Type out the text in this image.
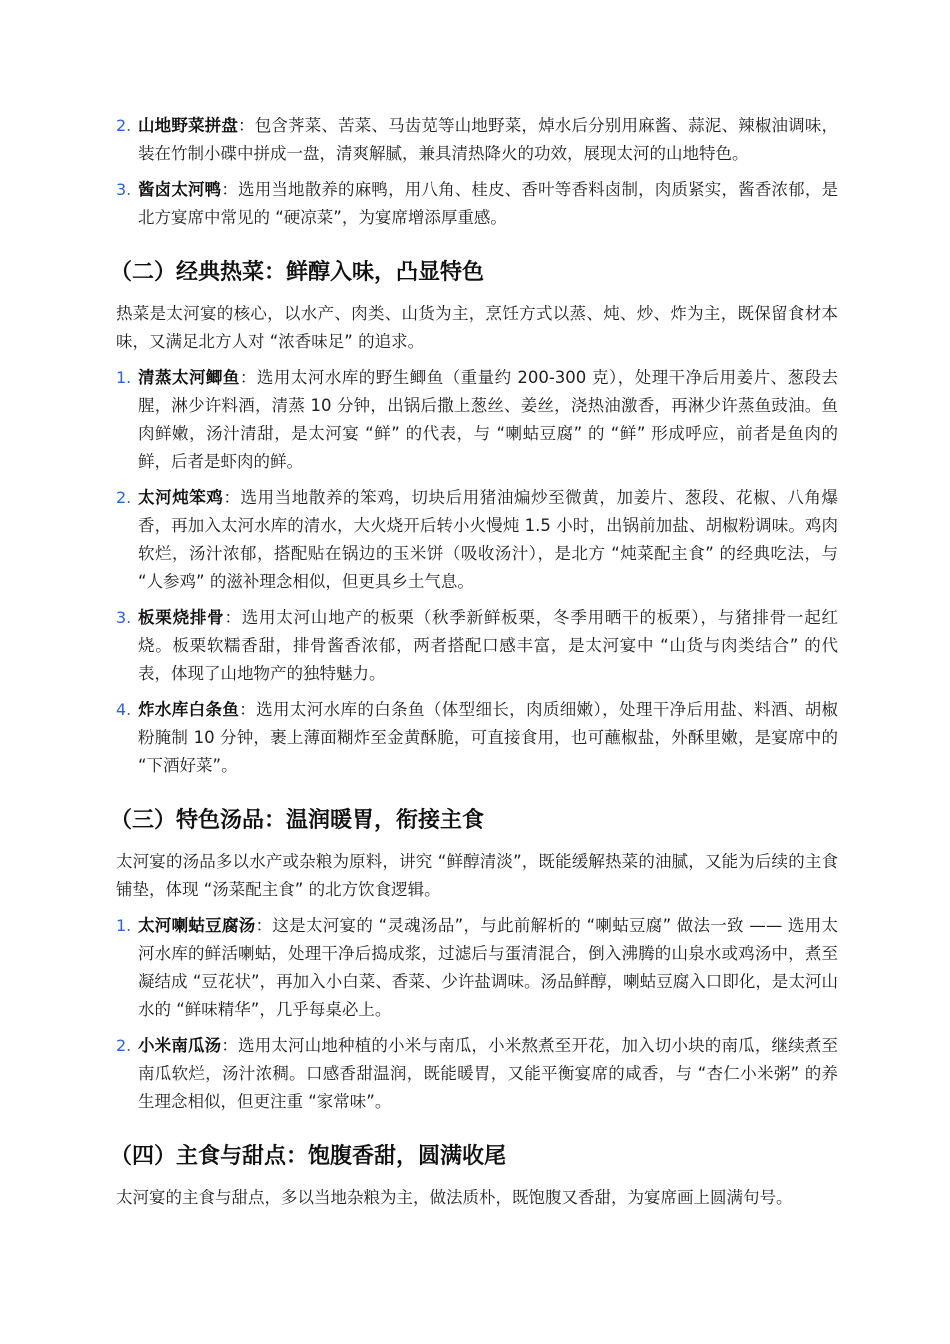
2. 山地野菜拼盘：包含荠菜、苦菜、马齿苋等山地野菜，焯水后分别用麻酱、蒜泥、辣椒油调味，装在竹制小碟中拼成一盘，清爽解腻，兼具清热降火的功效，展现太河的山地特色。
3. 酱卤太河鸭：选用当地散养的麻鸭，用八角、桂皮、香叶等香料卤制，肉质紧实，酱香浓郁，是北方宴席中常见的 “硬凉菜”，为宴席增添厚重感。
（二）经典热菜：鲜醇入味，凸显特色

热菜是太河宴的核心，以水产、肉类、山货为主，烹饪方式以蒸、炖、炒、炸为主，既保留食材本味，又满足北方人对 “浓香味足” 的追求。

1. 清蒸太河鲫鱼：选用太河水库的野生鲫鱼（重量约 200-300 克），处理干净后用姜片、葱段去腥，淋少许料酒，清蒸 10 分钟，出锅后撒上葱丝、姜丝，浇热油激香，再淋少许蒸鱼豉油。鱼肉鲜嫩，汤汁清甜，是太河宴 “鲜” 的代表，与 “喇蛄豆腐” 的 “鲜” 形成呼应，前者是鱼肉的鲜，后者是虾肉的鲜。
2. 太河炖笨鸡：选用当地散养的笨鸡，切块后用猪油煸炒至微黄，加姜片、葱段、花椒、八角爆香，再加入太河水库的清水，大火烧开后转小火慢炖 1.5 小时，出锅前加盐、胡椒粉调味。鸡肉软烂，汤汁浓郁，搭配贴在锅边的玉米饼（吸收汤汁），是北方 “炖菜配主食” 的经典吃法，与 “人参鸡” 的滋补理念相似，但更具乡土气息。
3. 板栗烧排骨：选用太河山地产的板栗（秋季新鲜板栗，冬季用晒干的板栗），与猪排骨一起红烧。板栗软糯香甜，排骨酱香浓郁，两者搭配口感丰富，是太河宴中 “山货与肉类结合” 的代表，体现了山地物产的独特魅力。
4. 炸水库白条鱼：选用太河水库的白条鱼（体型细长，肉质细嫩），处理干净后用盐、料酒、胡椒粉腌制 10 分钟，裹上薄面糊炸至金黄酥脆，可直接食用，也可蘸椒盐，外酥里嫩，是宴席中的 “下酒好菜”。
（三）特色汤品：温润暖胃，衔接主食

太河宴的汤品多以水产或杂粮为原料，讲究 “鲜醇清淡”，既能缓解热菜的油腻，又能为后续的主食铺垫，体现 “汤菜配主食” 的北方饮食逻辑。

1. 太河喇蛄豆腐汤：这是太河宴的 “灵魂汤品”，与此前解析的 “喇蛄豆腐” 做法一致 —— 选用太河水库的鲜活喇蛄，处理干净后捣成浆，过滤后与蛋清混合，倒入沸腾的山泉水或鸡汤中，煮至凝结成 “豆花状”，再加入小白菜、香菜、少许盐调味。汤品鲜醇，喇蛄豆腐入口即化，是太河山水的 “鲜味精华”，几乎每桌必上。
2. 小米南瓜汤：选用太河山地种植的小米与南瓜，小米熬煮至开花，加入切小块的南瓜，继续煮至南瓜软烂，汤汁浓稠。口感香甜温润，既能暖胃，又能平衡宴席的咸香，与 “杏仁小米粥” 的养生理念相似，但更注重 “家常味”。
（四）主食与甜点：饱腹香甜，圆满收尾

太河宴的主食与甜点，多以当地杂粮为主，做法质朴，既饱腹又香甜，为宴席画上圆满句号。
